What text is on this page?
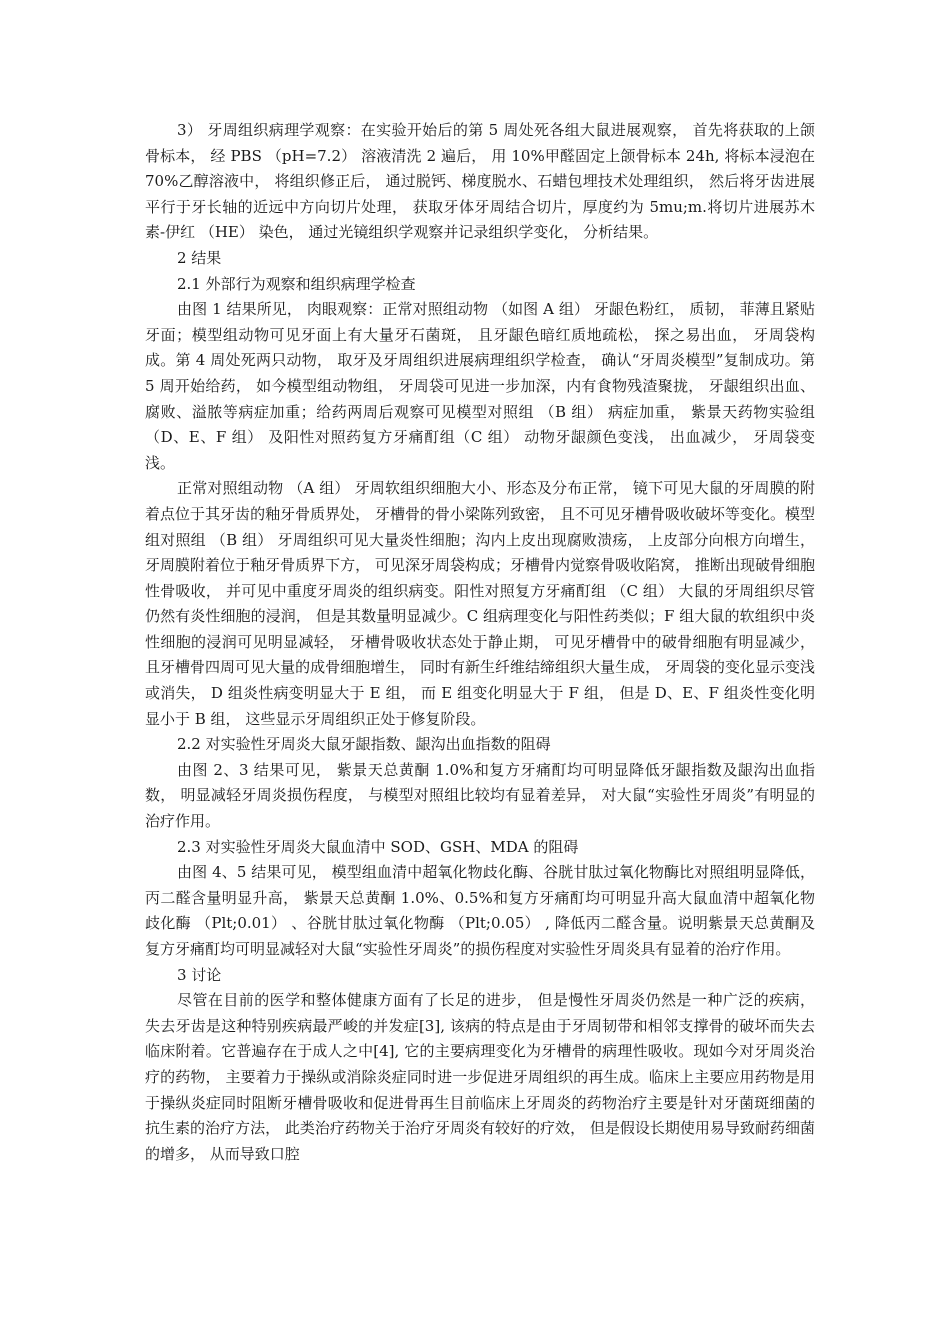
3） 牙周组织病理学观察：在实验开始后的第 5 周处死各组大鼠进展观察， 首先将获取的上颌骨标本， 经 PBS （pH=7.2） 溶液清洗 2 遍后， 用 10%甲醛固定上颌骨标本 24h, 将标本浸泡在 70%乙醇溶液中， 将组织修正后， 通过脱钙、梯度脱水、石蜡包埋技术处理组织， 然后将牙齿进展平行于牙长轴的近远中方向切片处理， 获取牙体牙周结合切片，厚度约为 5mu;m.将切片进展苏木素-伊红 （HE） 染色， 通过光镜组织学观察并记录组织学变化， 分析结果。

2 结果

2.1 外部行为观察和组织病理学检查

由图 1 结果所见， 肉眼观察：正常对照组动物 （如图 A 组） 牙龈色粉红， 质韧， 菲薄且紧贴牙面；模型组动物可见牙面上有大量牙石菌斑， 且牙龈色暗红质地疏松， 探之易出血， 牙周袋构成。第 4 周处死两只动物， 取牙及牙周组织进展病理组织学检查， 确认“牙周炎模型”复制成功。第 5 周开始给药， 如今模型组动物组， 牙周袋可见进一步加深，内有食物残渣聚拢， 牙龈组织出血、腐败、溢脓等病症加重；给药两周后观察可见模型对照组 （B 组） 病症加重， 紫景天药物实验组 （D、E、F 组） 及阳性对照药复方牙痛酊组（C 组） 动物牙龈颜色变浅， 出血减少， 牙周袋变浅。

正常对照组动物 （A 组） 牙周软组织细胞大小、形态及分布正常， 镜下可见大鼠的牙周膜的附着点位于其牙齿的釉牙骨质界处， 牙槽骨的骨小梁陈列致密， 且不可见牙槽骨吸收破坏等变化。模型组对照组 （B 组） 牙周组织可见大量炎性细胞；沟内上皮出现腐败溃疡， 上皮部分向根方向增生， 牙周膜附着位于釉牙骨质界下方， 可见深牙周袋构成；牙槽骨内觉察骨吸收陷窝， 推断出现破骨细胞性骨吸收， 并可见中重度牙周炎的组织病变。阳性对照复方牙痛酊组 （C 组） 大鼠的牙周组织尽管仍然有炎性细胞的浸润， 但是其数量明显减少。C 组病理变化与阳性药类似；F 组大鼠的软组织中炎性细胞的浸润可见明显减轻， 牙槽骨吸收状态处于静止期， 可见牙槽骨中的破骨细胞有明显减少， 且牙槽骨四周可见大量的成骨细胞增生， 同时有新生纤维结缔组织大量生成， 牙周袋的变化显示变浅或消失， D 组炎性病变明显大于 E 组， 而 E 组变化明显大于 F 组， 但是 D、E、F 组炎性变化明显小于 B 组， 这些显示牙周组织正处于修复阶段。

2.2 对实验性牙周炎大鼠牙龈指数、龈沟出血指数的阻碍

由图 2、3 结果可见， 紫景天总黄酮 1.0%和复方牙痛酊均可明显降低牙龈指数及龈沟出血指数， 明显减轻牙周炎损伤程度， 与模型对照组比较均有显着差异， 对大鼠“实验性牙周炎”有明显的治疗作用。

2.3 对实验性牙周炎大鼠血清中 SOD、GSH、MDA 的阻碍

由图 4、5 结果可见， 模型组血清中超氧化物歧化酶、谷胱甘肽过氧化物酶比对照组明显降低， 丙二醛含量明显升高， 紫景天总黄酮 1.0%、0.5%和复方牙痛酊均可明显升高大鼠血清中超氧化物歧化酶 （Plt;0.01） 、谷胱甘肽过氧化物酶 （Plt;0.05） , 降低丙二醛含量。说明紫景天总黄酮及复方牙痛酊均可明显减轻对大鼠“实验性牙周炎”的损伤程度对实验性牙周炎具有显着的治疗作用。

3 讨论

尽管在目前的医学和整体健康方面有了长足的进步， 但是慢性牙周炎仍然是一种广泛的疾病， 失去牙齿是这种特别疾病最严峻的并发症[3], 该病的特点是由于牙周韧带和相邻支撑骨的破坏而失去临床附着。它普遍存在于成人之中[4], 它的主要病理变化为牙槽骨的病理性吸收。现如今对牙周炎治疗的药物， 主要着力于操纵或消除炎症同时进一步促进牙周组织的再生成。临床上主要应用药物是用于操纵炎症同时阻断牙槽骨吸收和促进骨再生目前临床上牙周炎的药物治疗主要是针对牙菌斑细菌的抗生素的治疗方法， 此类治疗药物关于治疗牙周炎有较好的疗效， 但是假设长期使用易导致耐药细菌的增多， 从而导致口腔
